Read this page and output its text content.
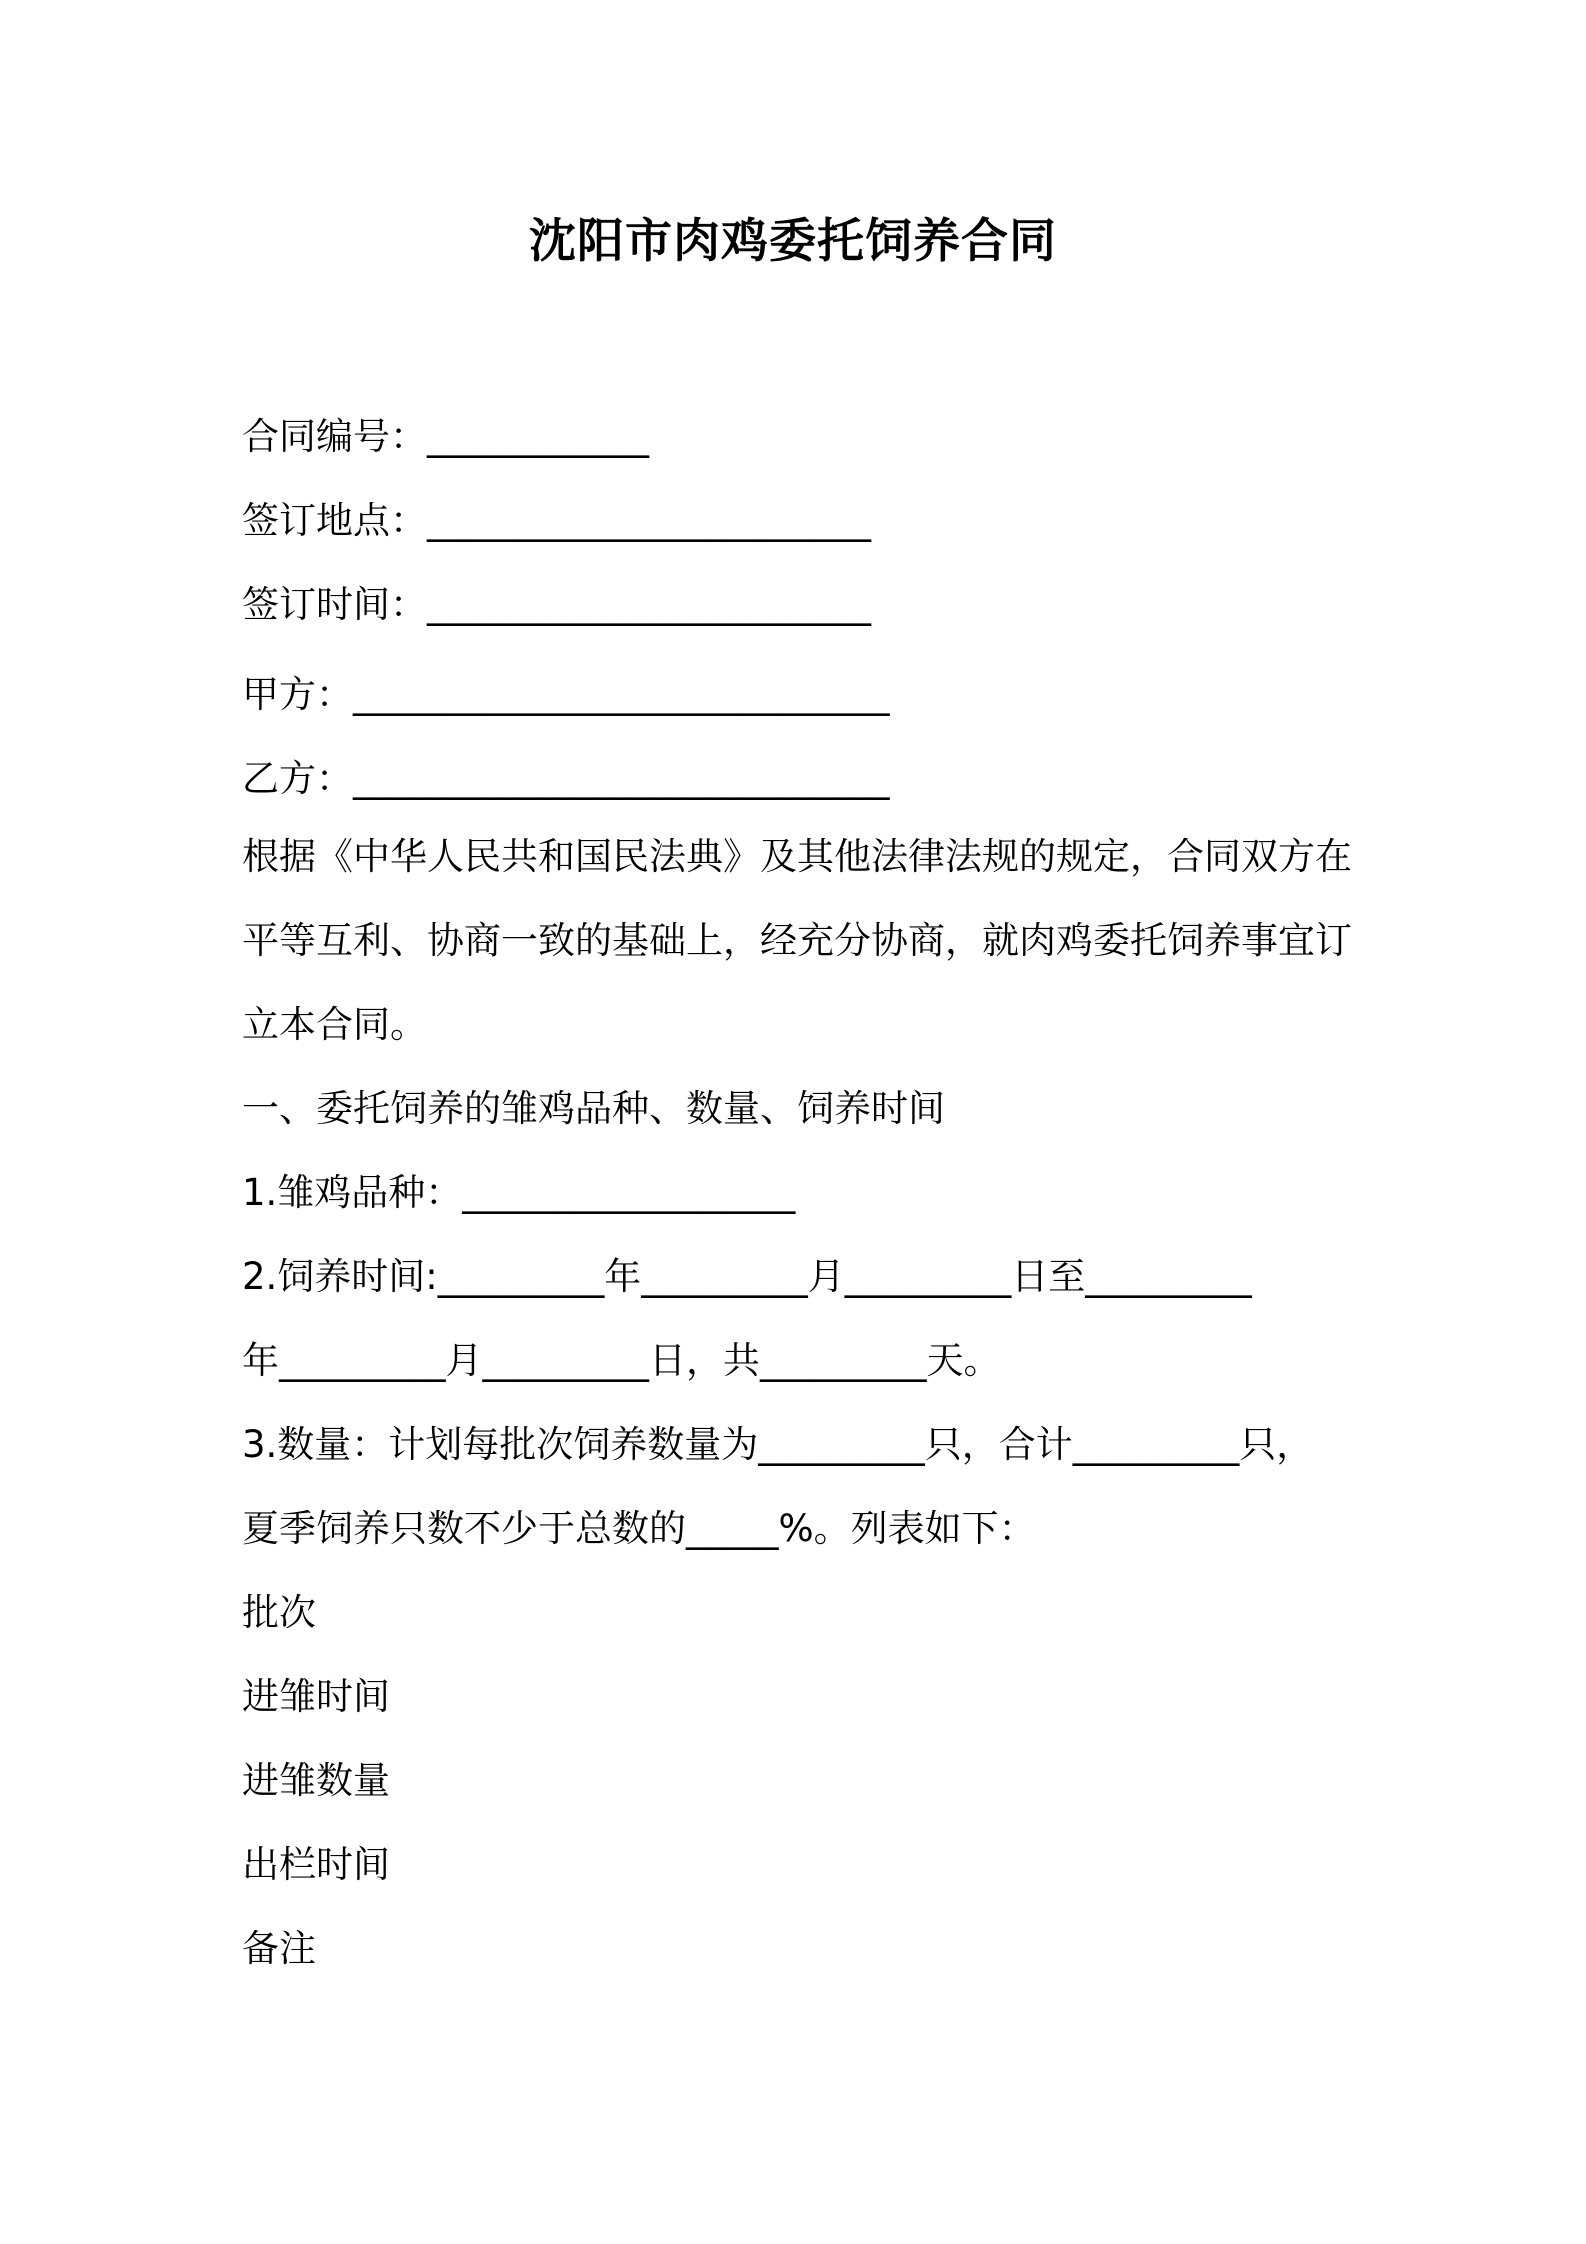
沈阳市肉鸡委托饲养合同
合同编号：____________
签订地点：________________________
签订时间：________________________
甲方：_____________________________
乙方：_____________________________
根据《中华人民共和国民法典》及其他法律法规的规定，合同双方在
平等互利、协商一致的基础上，经充分协商，就肉鸡委托饲养事宜订
立本合同。
一、委托饲养的雏鸡品种、数量、饲养时间
1.雏鸡品种：__________________
2.饲养时间:_________年_________月_________日至_________
年_________月_________日，共_________天。
3.数量：计划每批次饲养数量为_________只，合计_________只，
夏季饲养只数不少于总数的_____%。列表如下：
批次
进雏时间
进雏数量
出栏时间
备注
